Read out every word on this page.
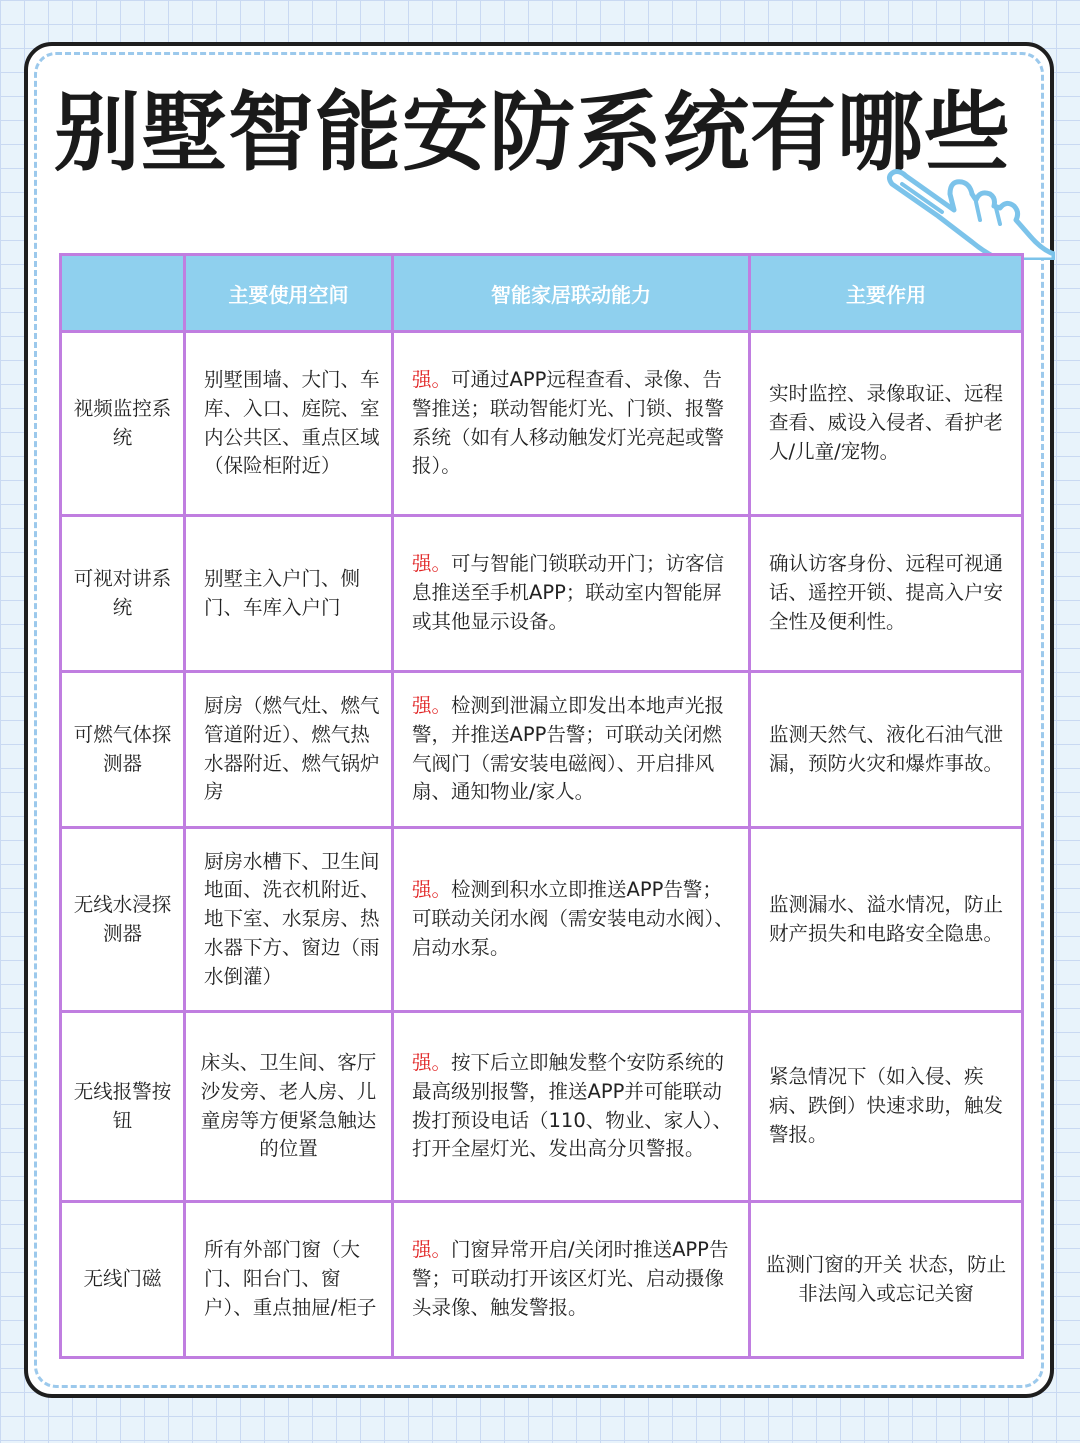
别墅智能安防系统有哪些
	主要使用空间	智能家居联动能力	主要作用
视频监控系统	别墅围墙、大门、车库、入口、庭院、室内公共区、重点区域（保险柜附近）	强。可通过APP远程查看、录像、告警推送；联动智能灯光、门锁、报警系统（如有人移动触发灯光亮起或警报）。	实时监控、录像取证、远程查看、威设入侵者、看护老人/儿童/宠物。
可视对讲系统	别墅主入户门、侧门、车库入户门	强。可与智能门锁联动开门；访客信息推送至手机APP；联动室内智能屏或其他显示设备。	确认访客身份、远程可视通话、遥控开锁、提高入户安全性及便利性。
可燃气体探测器	厨房（燃气灶、燃气管道附近）、燃气热水器附近、燃气锅炉房	强。检测到泄漏立即发出本地声光报警，并推送APP告警；可联动关闭燃气阀门（需安装电磁阀）、开启排风扇、通知物业/家人。	监测天然气、液化石油气泄漏，预防火灾和爆炸事故。
无线水浸探测器	厨房水槽下、卫生间地面、洗衣机附近、地下室、水泵房、热水器下方、窗边（雨水倒灌）	强。检测到积水立即推送APP告警；可联动关闭水阀（需安装电动水阀）、启动水泵。	监测漏水、溢水情况，防止财产损失和电路安全隐患。
无线报警按钮	床头、卫生间、客厅沙发旁、老人房、儿童房等方便紧急触达的位置	强。按下后立即触发整个安防系统的最高级别报警，推送APP并可能联动拨打预设电话（110、物业、家人）、打开全屋灯光、发出高分贝警报。	紧急情况下（如入侵、疾病、跌倒）快速求助，触发警报。
无线门磁	所有外部门窗（大门、阳台门、窗户）、重点抽屉/柜子	强。门窗异常开启/关闭时推送APP告警；可联动打开该区灯光、启动摄像头录像、触发警报。	监测门窗的开关 状态，防止非法闯入或忘记关窗
